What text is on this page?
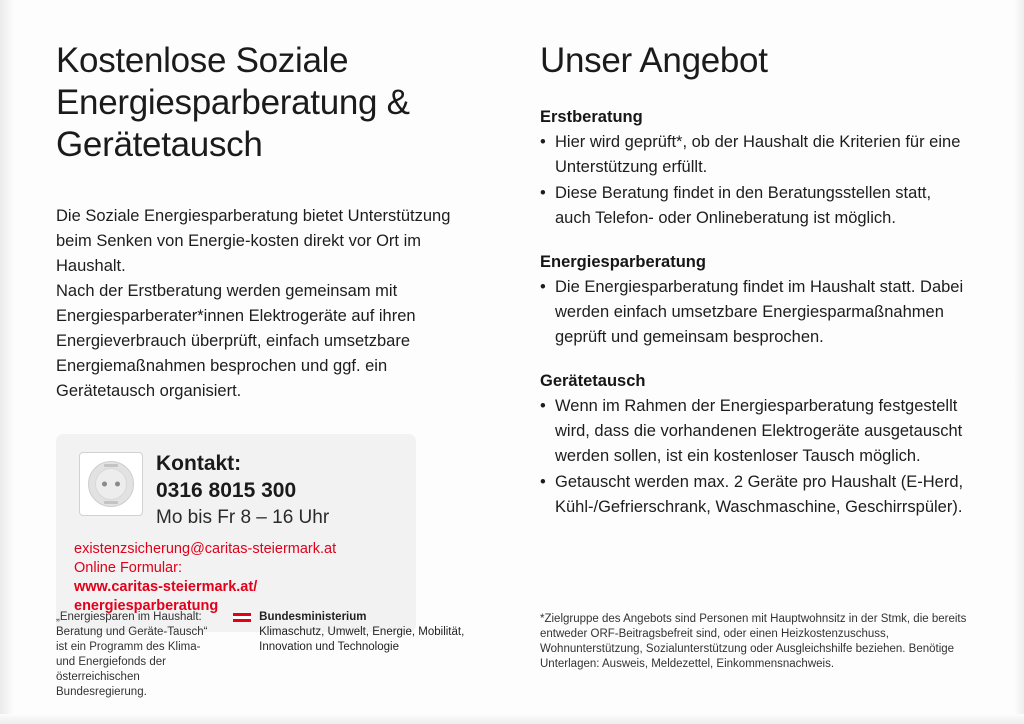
Kostenlose Soziale Energiesparberatung & Gerätetausch

Die Soziale Energiesparberatung bietet Unterstützung beim Senken von Energie-kosten direkt vor Ort im Haushalt.

Nach der Erstberatung werden gemeinsam mit Energiesparberater*innen Elektrogeräte auf ihren Energieverbrauch überprüft, einfach umsetzbare Energiemaßnahmen besprochen und ggf. ein Gerätetausch organisiert.

Kontakt:

0316 8015 300

Mo bis Fr 8 – 16 Uhr

existenzsicherung@caritas-steiermark.at
Online Formular:
www.caritas-steiermark.at/
energiesparberatung
„Energiesparen im Haushalt: Beratung und Geräte-Tausch“ ist ein Programm des Klima- und Energiefonds der österreichischen Bundesregierung.
Bundesministerium
Klimaschutz, Umwelt, Energie, Mobilität, Innovation und Technologie
Unser Angebot
Erstberatung
• Hier wird geprüft*, ob der Haushalt die Kriterien für eine Unterstützung erfüllt.
• Diese Beratung findet in den Beratungsstellen statt, auch Telefon- oder Onlineberatung ist möglich.
Energiesparberatung
• Die Energiesparberatung findet im Haushalt statt. Dabei werden einfach umsetzbare Energiesparmaßnahmen geprüft und gemeinsam besprochen.
Gerätetausch
• Wenn im Rahmen der Energiesparberatung festgestellt wird, dass die vorhandenen Elektrogeräte ausgetauscht werden sollen, ist ein kostenloser Tausch möglich.
• Getauscht werden max. 2 Geräte pro Haushalt (E-Herd, Kühl-/Gefrierschrank, Waschmaschine, Geschirrspüler).
*Zielgruppe des Angebots sind Personen mit Hauptwohnsitz in der Stmk, die bereits entweder ORF-Beitragsbefreit sind, oder einen Heizkostenzuschuss, Wohnunterstützung, Sozialunterstützung oder Ausgleichshilfe beziehen. Benötige Unterlagen: Ausweis, Meldezettel, Einkommensnachweis.
